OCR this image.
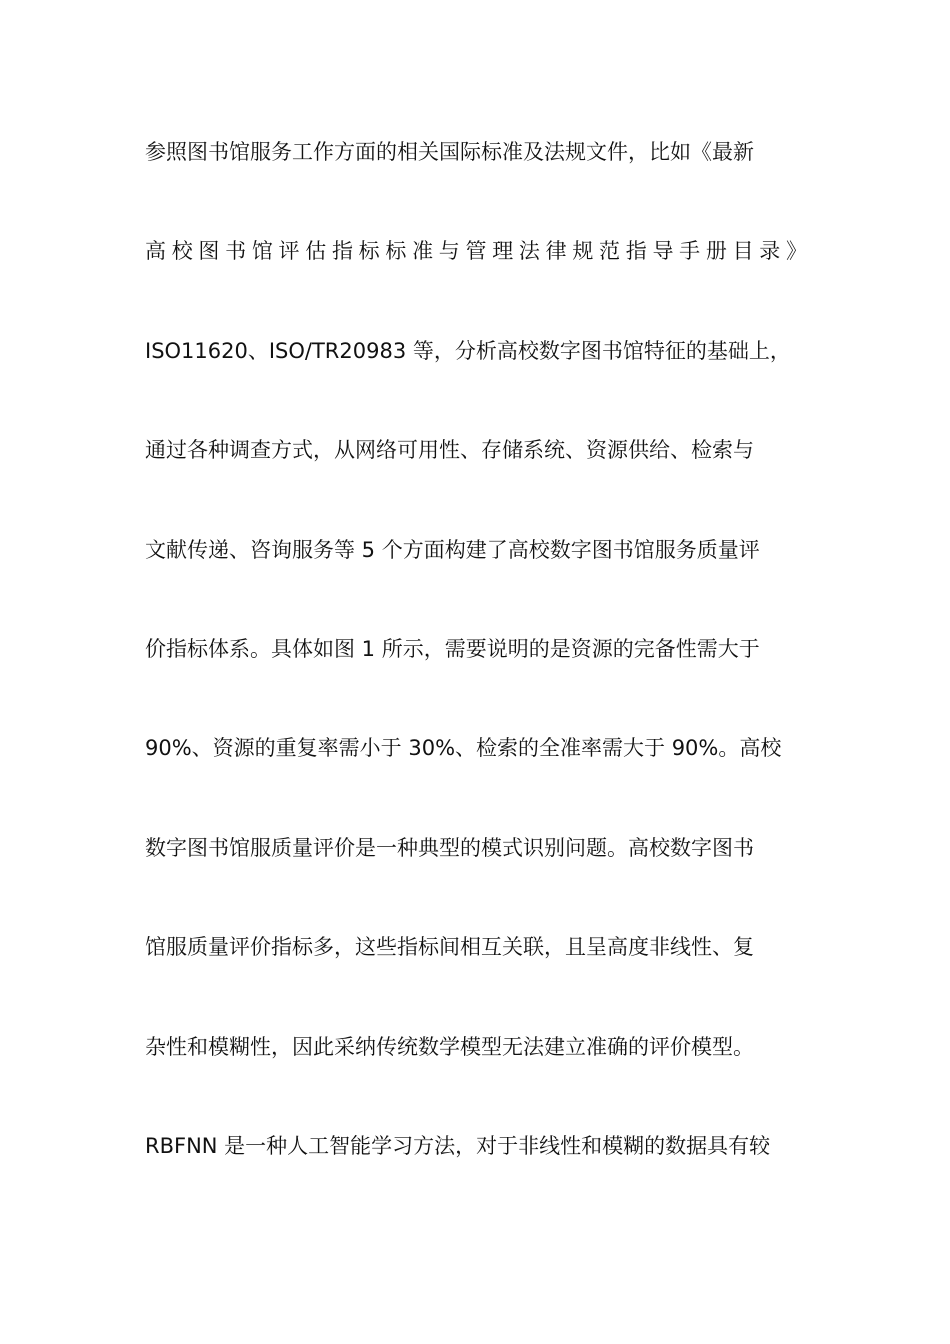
参照图书馆服务工作方面的相关国际标准及法规文件，比如《最新
高校图书馆评估指标标准与管理法律规范指导手册目录》
ISO11620、ISO/TR20983 等，分析高校数字图书馆特征的基础上，
通过各种调查方式，从网络可用性、存储系统、资源供给、检索与
文献传递、咨询服务等 5 个方面构建了高校数字图书馆服务质量评
价指标体系。具体如图 1 所示，需要说明的是资源的完备性需大于
90%、资源的重复率需小于 30%、检索的全准率需大于 90%。高校
数字图书馆服质量评价是一种典型的模式识别问题。高校数字图书
馆服质量评价指标多，这些指标间相互关联，且呈高度非线性、复
杂性和模糊性，因此采纳传统数学模型无法建立准确的评价模型。
RBFNN 是一种人工智能学习方法，对于非线性和模糊的数据具有较
